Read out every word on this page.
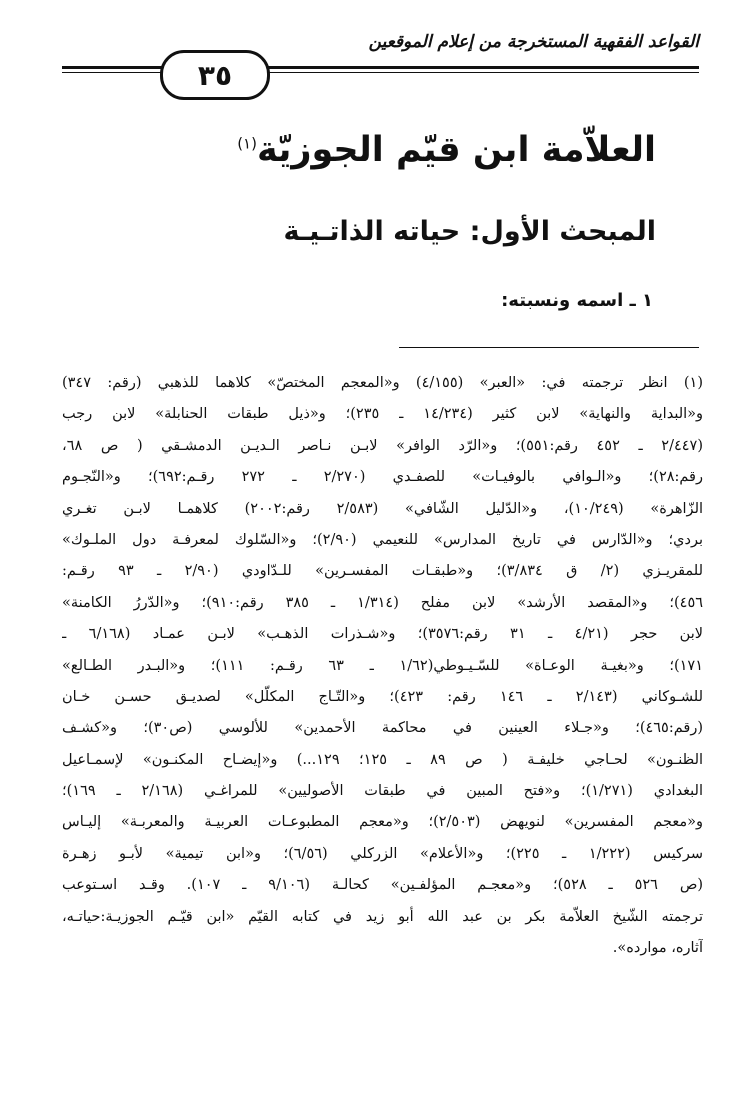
القواعد الفقهية المستخرجة من إعلام الموقعين
٣٥
العلاّمة ابن قيّم الجوزيّة$^{(١)}$
المبحث الأول: حياته الذاتـيـة
١ ـ اسمه ونسبته:
(١) انظر ترجمته في: «العبر» (٤/١٥٥) و«المعجم المختصّ» كلاهما للذهبي (رقم: ٣٤٧)
و«البداية والنهاية» لابن كثير (١٤/٢٣٤ ـ ٢٣٥)؛ و«ذيل طبقات الحنابلة» لابن رجب
(٢/٤٤٧ ـ ٤٥٢ رقم:٥٥١)؛ و«الرّد الوافر» لابـن نـاصر الـديـن الدمشـقي ( ص ٦٨،
رقم:٢٨)؛ و«الـوافي بالوفيـات» للصفـدي (٢/٢٧٠ ـ ٢٧٢ رقـم:٦٩٢)؛ و«النّجـوم
الزّاهرة» (١٠/٢٤٩)، و«الدّليل الشّافي» (٢/٥٨٣ رقم:٢٠٠٢) كلاهمـا لابـن تغـري
بردي؛ و«الدّارس في تاريخ المدارس» للنعيمي (٢/٩٠)؛ و«السّلوك لمعرفـة دول الملـوك»
للمقريـزي (٢/ ق ٣/٨٣٤)؛ و«طبقـات المفسـرين» للـدّاودي (٢/٩٠ ـ ٩٣ رقـم:
٤٥٦)؛ و«المقصد الأرشد» لابن مفلح (١/٣١٤ ـ ٣٨٥ رقم:٩١٠)؛ و«الدّررُ الكامنة»
لابن حجر (٤/٢١ ـ ٣١ رقم:٣٥٧٦)؛ و«شـذرات الذهـب» لابـن عمـاد (٦/١٦٨ ـ
١٧١)؛ و«بغيـة الوعـاة» للسّـيـوطي(١/٦٢ ـ ٦٣ رقـم: ١١١)؛ و«البـدر الطـالع»
للشـوكاني (٢/١٤٣ ـ ١٤٦ رقم: ٤٢٣)؛ و«التّـاج المكلّل» لصديـق حسـن خـان
(رقم:٤٦٥)؛ و«جـلاء العينين في محاكمة الأحمدين» للألوسي (ص٣٠)؛ و«كشـف
الظنـون» لحـاجي خليفـة ( ص ٨٩ ـ ١٢٥؛ ١٢٩...) و«إيضـاح المكنـون» لإسمـاعيل
البغدادي (١/٢٧١)؛ و«فتح المبين في طبقات الأصوليين» للمراغـي (٢/١٦٨ ـ ١٦٩)؛
و«معجم المفسرين» لنويهض (٢/٥٠٣)؛ و«معجم المطبوعـات العربيـة والمعربـة» إليـاس
سركيس (١/٢٢٢ ـ ٢٢٥)؛ و«الأعلام» الزركلي (٦/٥٦)؛ و«ابن تيمية» لأبـو زهـرة
(ص ٥٢٦ ـ ٥٢٨)؛ و«معجـم المؤلفـين» كحالـة (٩/١٠٦ ـ ١٠٧). وقـد اسـتوعب
ترجمته الشّيخ العلاّمة بكر بن عبد الله أبو زيد في كتابه القيّم «ابن قيّـم الجوزيـة:حياتـه،
آثاره، موارده».
